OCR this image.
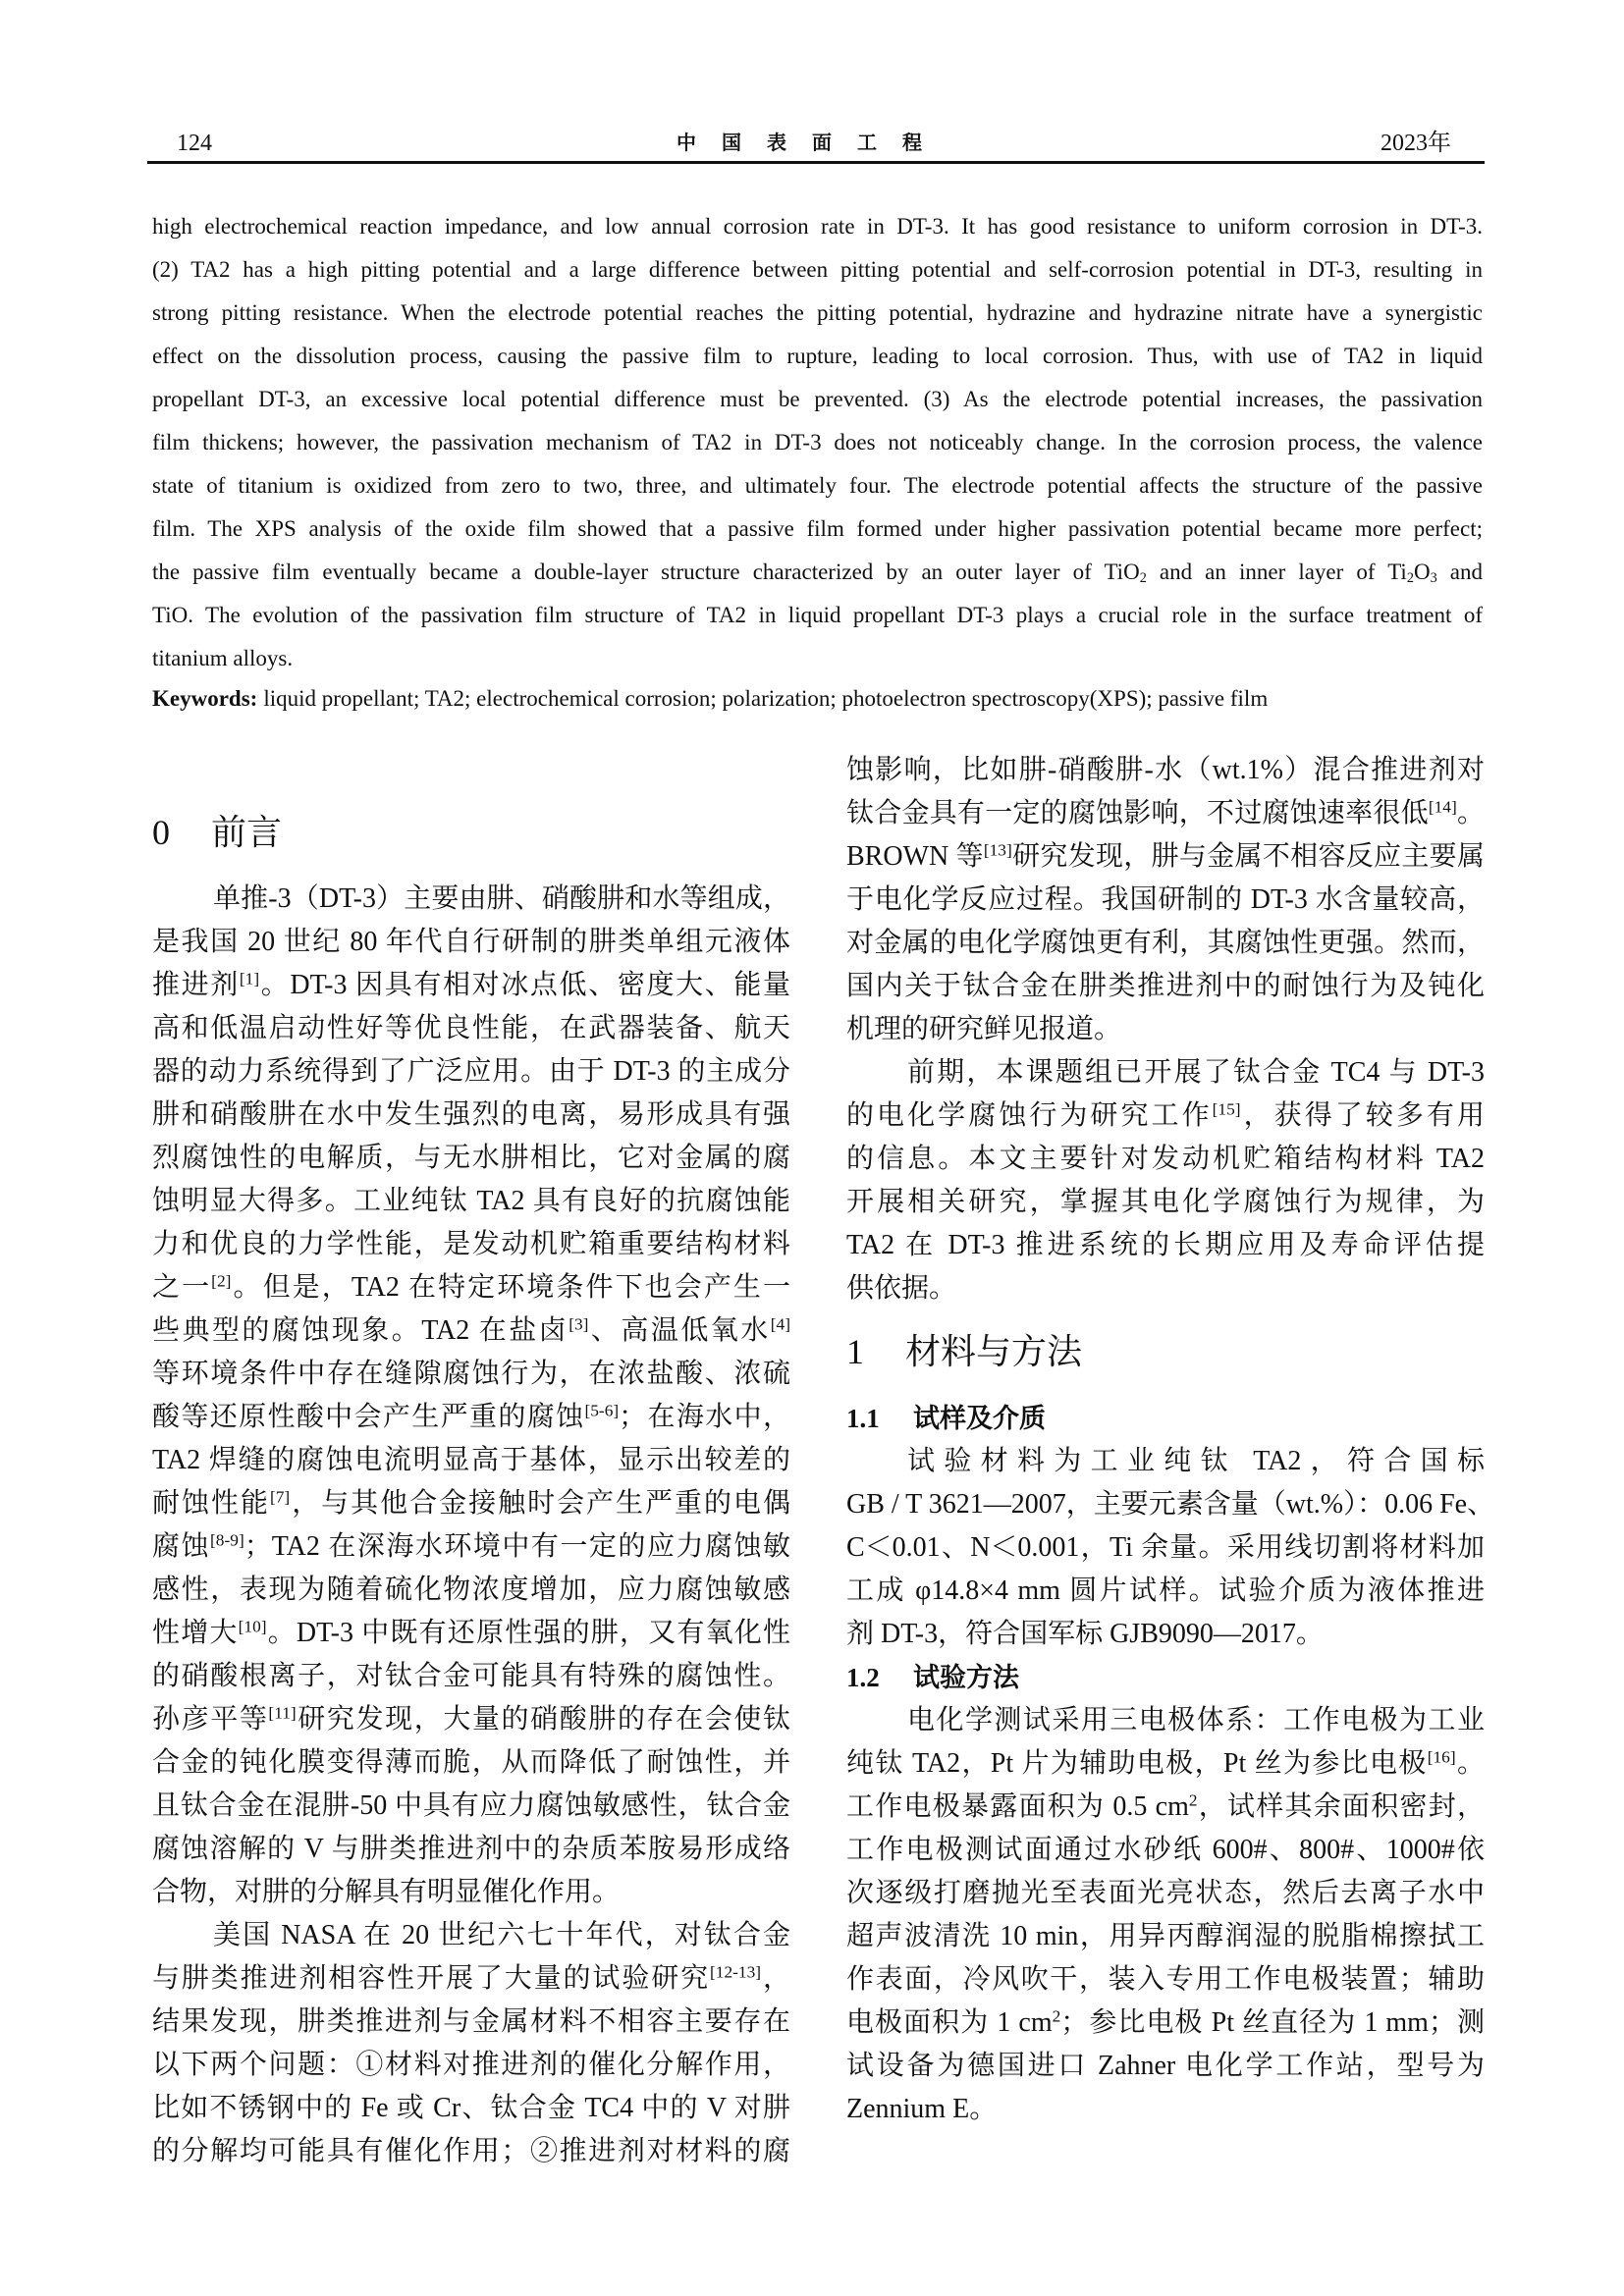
124	中国表面工程	2023年
high electrochemical reaction impedance, and low annual corrosion rate in DT-3. It has good resistance to uniform corrosion in DT-3.
(2) TA2 has a high pitting potential and a large difference between pitting potential and self-corrosion potential in DT-3, resulting in
strong pitting resistance. When the electrode potential reaches the pitting potential, hydrazine and hydrazine nitrate have a synergistic
effect on the dissolution process, causing the passive film to rupture, leading to local corrosion. Thus, with use of TA2 in liquid
propellant DT-3, an excessive local potential difference must be prevented. (3) As the electrode potential increases, the passivation
film thickens; however, the passivation mechanism of TA2 in DT-3 does not noticeably change. In the corrosion process, the valence
state of titanium is oxidized from zero to two, three, and ultimately four. The electrode potential affects the structure of the passive
film. The XPS analysis of the oxide film showed that a passive film formed under higher passivation potential became more perfect;
the passive film eventually became a double-layer structure characterized by an outer layer of TiO$_2$ and an inner layer of $Ti_2O_3$ and
TiO. The evolution of the passivation film structure of TA2 in liquid propellant DT-3 plays a crucial role in the surface treatment of
titanium alloys.
Keywords: liquid propellant; TA2; electrochemical corrosion; polarization; photoelectron spectroscopy(XPS); passive film
0 前言
单推-3（DT-3）主要由肼、硝酸肼和水等组成，
是我国 20 世纪 80 年代自行研制的肼类单组元液体
推进剂[1]。DT-3 因具有相对冰点低、密度大、能量
高和低温启动性好等优良性能，在武器装备、航天
器的动力系统得到了广泛应用。由于 DT-3 的主成分
肼和硝酸肼在水中发生强烈的电离，易形成具有强
烈腐蚀性的电解质，与无水肼相比，它对金属的腐
蚀明显大得多。工业纯钛 TA2 具有良好的抗腐蚀能
力和优良的力学性能，是发动机贮箱重要结构材料
之一[2]。但是，TA2 在特定环境条件下也会产生一
些典型的腐蚀现象。TA2 在盐卤[3]、高温低氧水[4]
等环境条件中存在缝隙腐蚀行为，在浓盐酸、浓硫
酸等还原性酸中会产生严重的腐蚀[5-6]；在海水中，
TA2 焊缝的腐蚀电流明显高于基体，显示出较差的
耐蚀性能[7]，与其他合金接触时会产生严重的电偶
腐蚀[8-9]；TA2 在深海水环境中有一定的应力腐蚀敏
感性，表现为随着硫化物浓度增加，应力腐蚀敏感
性增大[10]。DT-3 中既有还原性强的肼，又有氧化性
的硝酸根离子，对钛合金可能具有特殊的腐蚀性。
孙彦平等[11]研究发现，大量的硝酸肼的存在会使钛
合金的钝化膜变得薄而脆，从而降低了耐蚀性，并
且钛合金在混肼-50 中具有应力腐蚀敏感性，钛合金
腐蚀溶解的 V 与肼类推进剂中的杂质苯胺易形成络
合物，对肼的分解具有明显催化作用。
美国 NASA 在 20 世纪六七十年代，对钛合金
与肼类推进剂相容性开展了大量的试验研究[12-13]，
结果发现，肼类推进剂与金属材料不相容主要存在
以下两个问题：①材料对推进剂的催化分解作用，
比如不锈钢中的 Fe 或 Cr、钛合金 TC4 中的 V 对肼
的分解均可能具有催化作用；②推进剂对材料的腐
蚀影响，比如肼-硝酸肼-水（wt.1%）混合推进剂对
钛合金具有一定的腐蚀影响，不过腐蚀速率很低[14]。
BROWN 等[13]研究发现，肼与金属不相容反应主要属
于电化学反应过程。我国研制的 DT-3 水含量较高，
对金属的电化学腐蚀更有利，其腐蚀性更强。然而，
国内关于钛合金在肼类推进剂中的耐蚀行为及钝化
机理的研究鲜见报道。
前期，本课题组已开展了钛合金 TC4 与 DT-3
的电化学腐蚀行为研究工作[15]，获得了较多有用
的信息。本文主要针对发动机贮箱结构材料 TA2
开展相关研究，掌握其电化学腐蚀行为规律，为
TA2 在 DT-3 推进系统的长期应用及寿命评估提
供依据。
1 材料与方法
1.1 试样及介质
试验材料为工业纯钛 TA2，符合国标
GB / T 3621—2007，主要元素含量（wt.%）：0.06 Fe、
C＜0.01、N＜0.001，Ti 余量。采用线切割将材料加
工成 φ14.8×4 mm 圆片试样。试验介质为液体推进
剂 DT-3，符合国军标 GJB9090—2017。
1.2 试验方法
电化学测试采用三电极体系：工作电极为工业
纯钛 TA2，Pt 片为辅助电极，Pt 丝为参比电极[16]。
工作电极暴露面积为 0.5 $cm^2$，试样其余面积密封，
工作电极测试面通过水砂纸 600#、800#、1000#依
次逐级打磨抛光至表面光亮状态，然后去离子水中
超声波清洗 10 min，用异丙醇润湿的脱脂棉擦拭工
作表面，冷风吹干，装入专用工作电极装置；辅助
电极面积为 1 $cm^2$；参比电极 Pt 丝直径为 1 mm；测
试设备为德国进口 Zahner 电化学工作站，型号为
Zennium E。
